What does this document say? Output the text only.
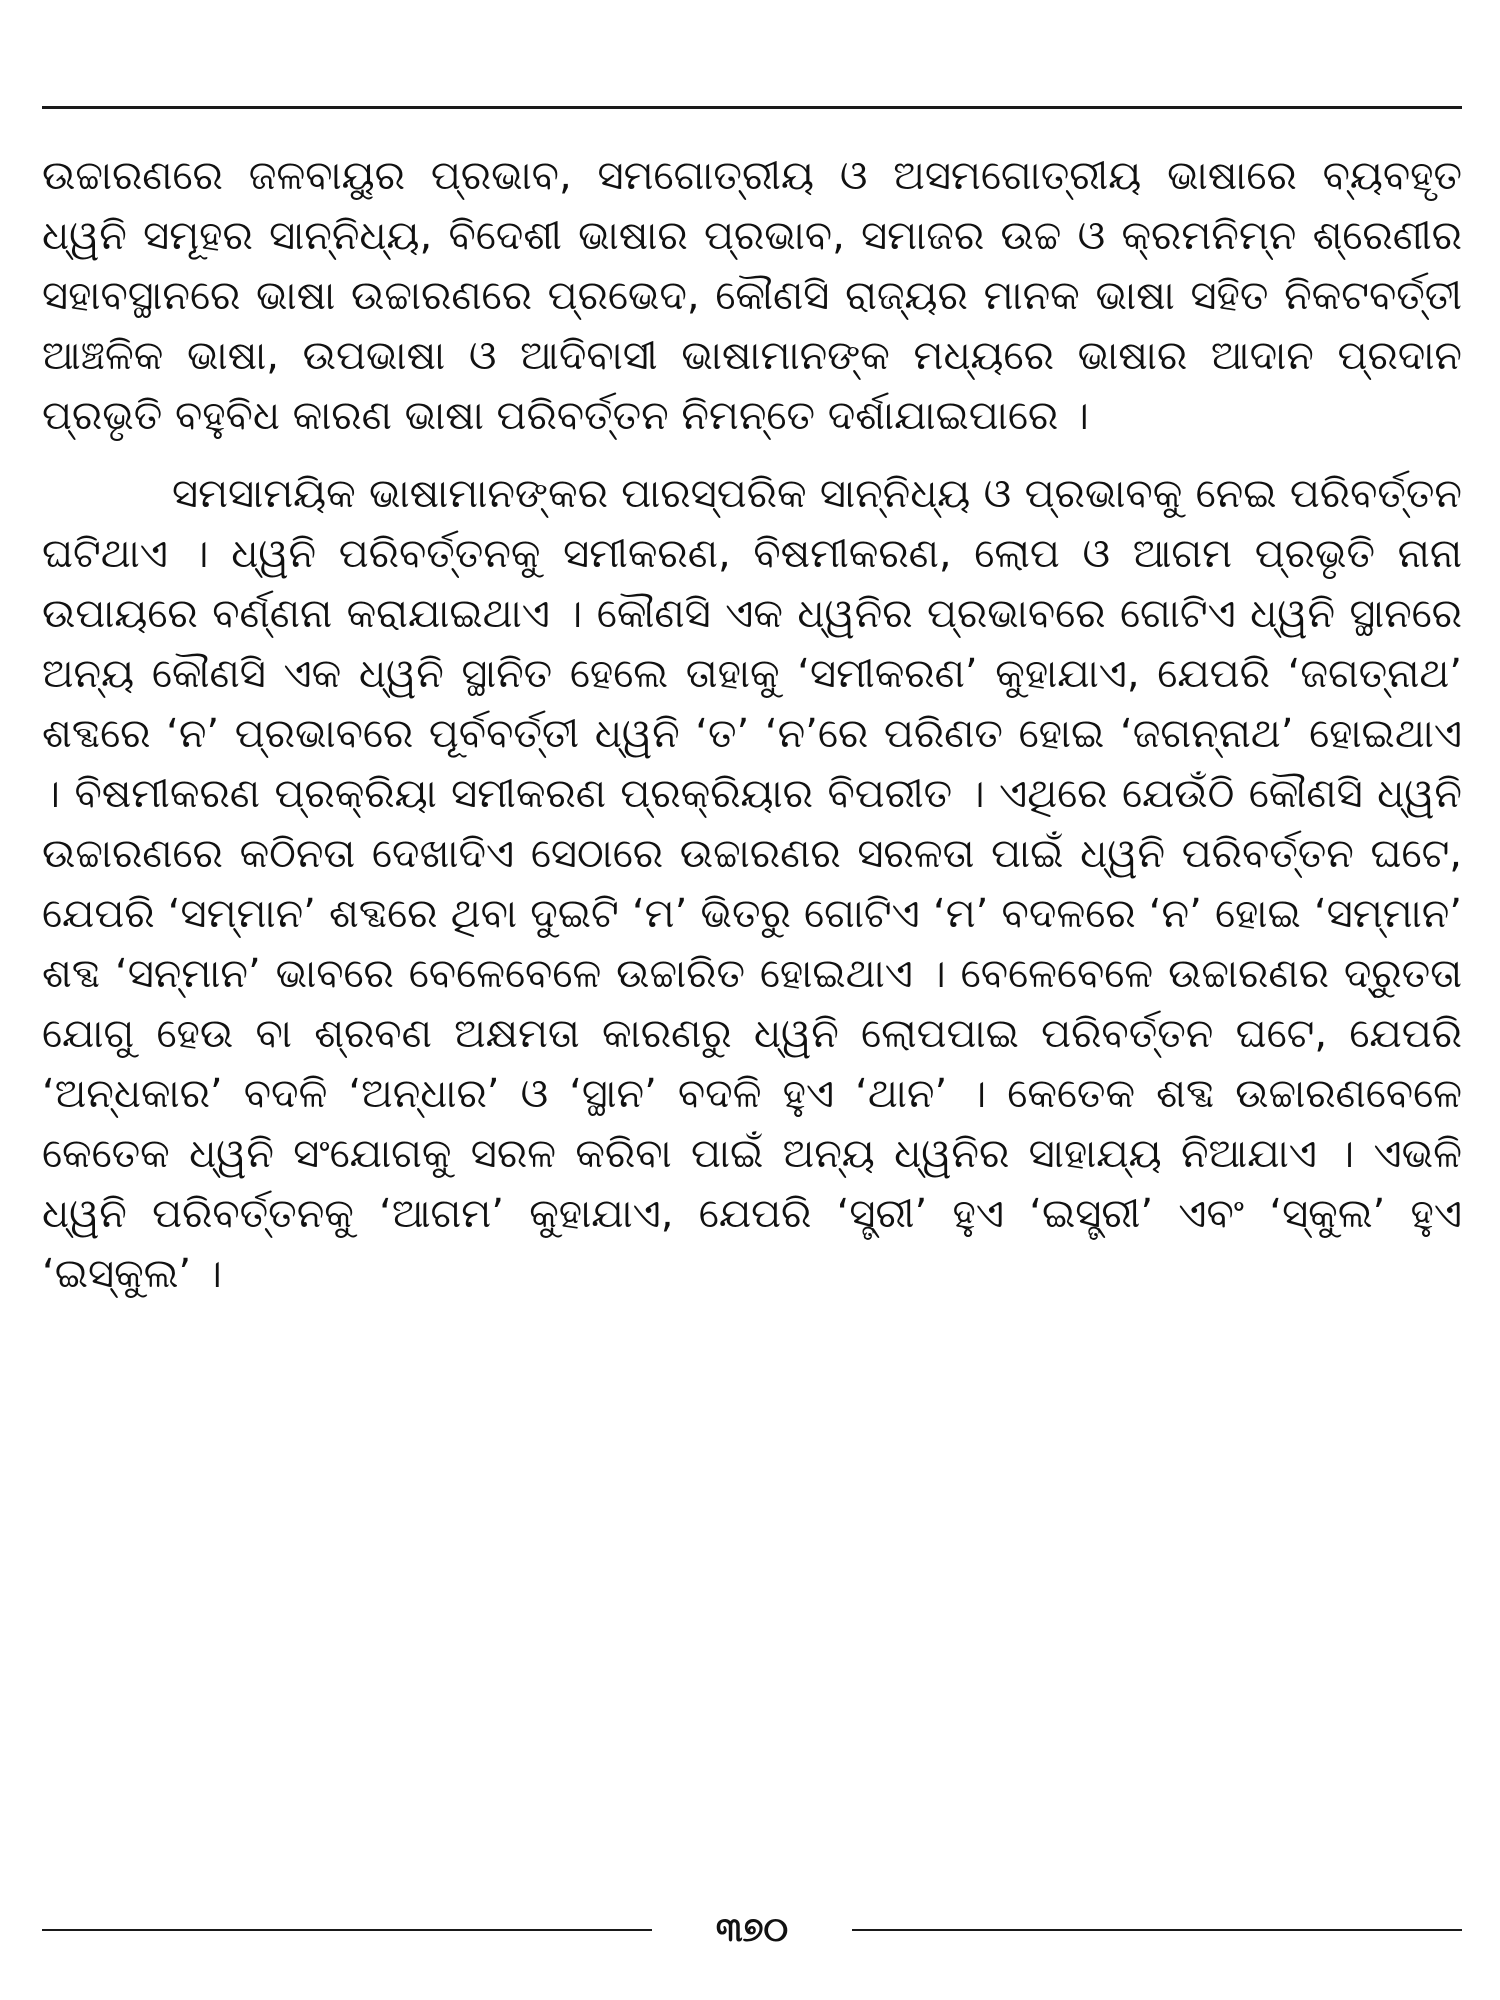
ଉଚ୍ଚାରଣରେ ଜଳବାୟୁର ପ୍ରଭାବ, ସମଗୋତ୍ରୀୟ ଓ ଅସମଗୋତ୍ରୀୟ ଭାଷାରେ ବ୍ୟବହୃତ ଧ୍ୱନି ସମୂହର ସାନ୍ନିଧ୍ୟ, ବିଦେଶୀ ଭାଷାର ପ୍ରଭାବ, ସମାଜର ଉଚ୍ଚ ଓ କ୍ରମନିମ୍ନ ଶ୍ରେଣୀର ସହାବସ୍ଥାନରେ ଭାଷା ଉଚ୍ଚାରଣରେ ପ୍ରଭେଦ, କୌଣସି ରାଜ୍ୟର ମାନକ ଭାଷା ସହିତ ନିକଟବର୍ତ୍ତୀ ଆଞ୍ଚଳିକ ଭାଷା, ଉପଭାଷା ଓ ଆଦିବାସୀ ଭାଷାମାନଙ୍କ ମଧ୍ୟରେ ଭାଷାର ଆଦାନ ପ୍ରଦାନ ପ୍ରଭୃତି ବହୁବିଧ କାରଣ ଭାଷା ପରିବର୍ତ୍ତନ ନିମନ୍ତେ ଦର୍ଶାଯାଇପାରେ ।

ସମସାମୟିକ ଭାଷାମାନଙ୍କର ପାରସ୍ପରିକ ସାନ୍ନିଧ୍ୟ ଓ ପ୍ରଭାବକୁ ନେଇ ପରିବର୍ତ୍ତନ ଘଟିଥାଏ । ଧ୍ୱନି ପରିବର୍ତ୍ତନକୁ ସମୀକରଣ, ବିଷମୀକରଣ, ଲୋପ ଓ ଆଗମ ପ୍ରଭୃତି ନାନା ଉପାୟରେ ବର୍ଣ୍ଣନା କରାଯାଇଥାଏ । କୌଣସି ଏକ ଧ୍ୱନିର ପ୍ରଭାବରେ ଗୋଟିଏ ଧ୍ୱନି ସ୍ଥାନରେ ଅନ୍ୟ କୌଣସି ଏକ ଧ୍ୱନି ସ୍ଥାନିତ ହେଲେ ତାହାକୁ ‘ସମୀକରଣ’ କୁହାଯାଏ, ଯେପରି ‘ଜଗତ୍‌ନାଥ’ ଶବ୍ଦରେ ‘ନ’ ପ୍ରଭାବରେ ପୂର୍ବବର୍ତ୍ତୀ ଧ୍ୱନି ‘ତ’ ‘ନ’ରେ ପରିଣତ ହୋଇ ‘ଜଗନ୍ନାଥ’ ହୋଇଥାଏ । ବିଷମୀକରଣ ପ୍ରକ୍ରିୟା ସମୀକରଣ ପ୍ରକ୍ରିୟାର ବିପରୀତ । ଏଥିରେ ଯେଉଁଠି କୌଣସି ଧ୍ୱନି ଉଚ୍ଚାରଣରେ କଠିନତା ଦେଖାଦିଏ ସେଠାରେ ଉଚ୍ଚାରଣର ସରଳତା ପାଇଁ ଧ୍ୱନି ପରିବର୍ତ୍ତନ ଘଟେ, ଯେପରି ‘ସମ୍ମାନ’ ଶବ୍ଦରେ ଥିବା ଦୁଇଟି ‘ମ’ ଭିତରୁ ଗୋଟିଏ ‘ମ’ ବଦଳରେ ‘ନ’ ହୋଇ ‘ସମ୍ମାନ’ ଶବ୍ଦ ‘ସନ୍‌ମାନ’ ଭାବରେ ବେଳେବେଳେ ଉଚ୍ଚାରିତ ହୋଇଥାଏ । ବେଳେବେଳେ ଉଚ୍ଚାରଣର ଦ୍ରୁତତା ଯୋଗୁ ହେଉ ବା ଶ୍ରବଣ ଅକ୍ଷମତା କାରଣରୁ ଧ୍ୱନି ଲୋପପାଇ ପରିବର୍ତ୍ତନ ଘଟେ, ଯେପରି ‘ଅନ୍ଧକାର’ ବଦଳି ‘ଅନ୍ଧାର’ ଓ ‘ସ୍ଥାନ’ ବଦଳି ହୁଏ ‘ଥାନ’ । କେତେକ ଶବ୍ଦ ଉଚ୍ଚାରଣବେଳେ କେତେକ ଧ୍ୱନି ସଂଯୋଗକୁ ସରଳ କରିବା ପାଇଁ ଅନ୍ୟ ଧ୍ୱନିର ସାହାଯ୍ୟ ନିଆଯାଏ । ଏଭଳି ଧ୍ୱନି ପରିବର୍ତ୍ତନକୁ ‘ଆଗମ’ କୁହାଯାଏ, ଯେପରି ‘ସ୍ତ୍ରୀ’ ହୁଏ ‘ଇସ୍ତ୍ରୀ’ ଏବଂ ‘ସ୍କୁଲ’ ହୁଏ ‘ଇସ୍କୁଲ’ ।

୩୭୦
